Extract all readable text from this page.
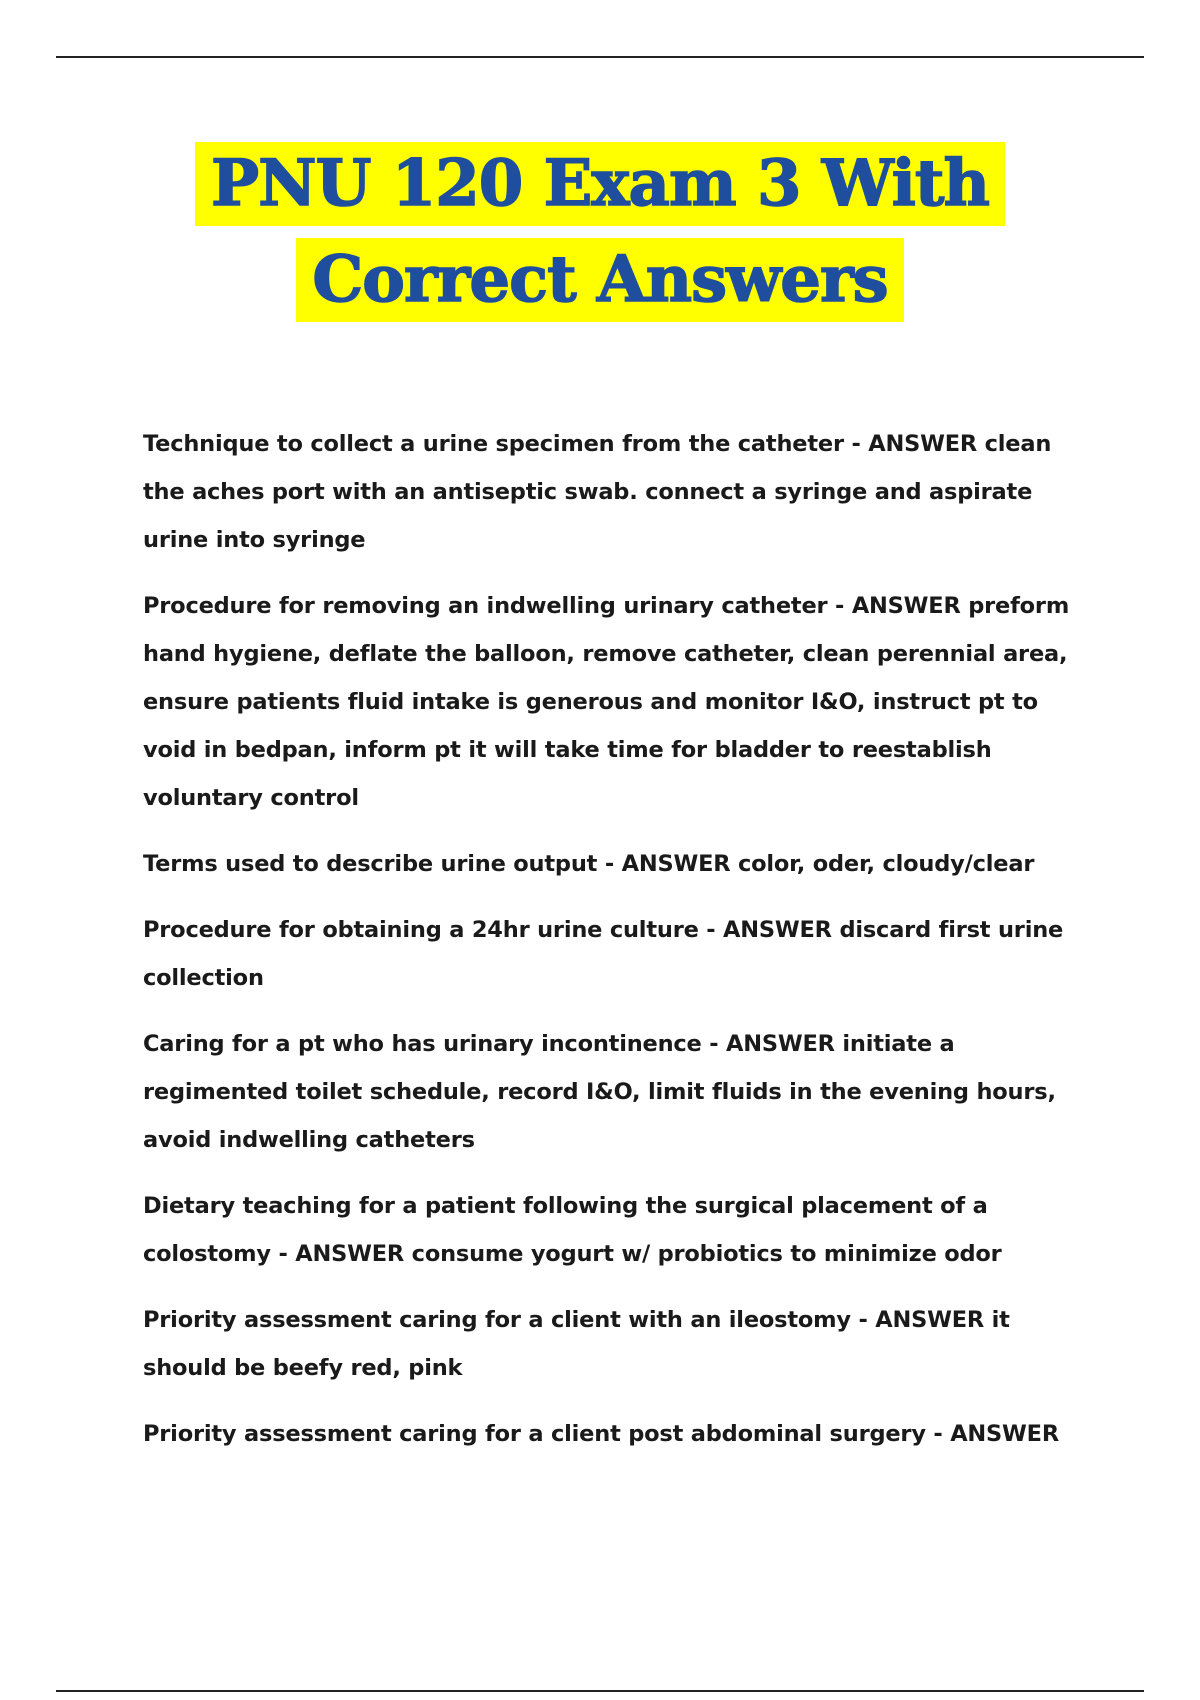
PNU 120 Exam 3 With
Correct Answers

Technique to collect a urine specimen from the catheter - ANSWER clean the aches port with an antiseptic swab. connect a syringe and aspirate urine into syringe

Procedure for removing an indwelling urinary catheter - ANSWER preform hand hygiene, deflate the balloon, remove catheter, clean perennial area, ensure patients fluid intake is generous and monitor I&O, instruct pt to void in bedpan, inform pt it will take time for bladder to reestablish voluntary control

Terms used to describe urine output - ANSWER color, oder, cloudy/clear

Procedure for obtaining a 24hr urine culture - ANSWER discard first urine collection

Caring for a pt who has urinary incontinence - ANSWER initiate a regimented toilet schedule, record I&O, limit fluids in the evening hours, avoid indwelling catheters

Dietary teaching for a patient following the surgical placement of a colostomy - ANSWER consume yogurt w/ probiotics to minimize odor

Priority assessment caring for a client with an ileostomy - ANSWER it should be beefy red, pink

Priority assessment caring for a client post abdominal surgery - ANSWER
